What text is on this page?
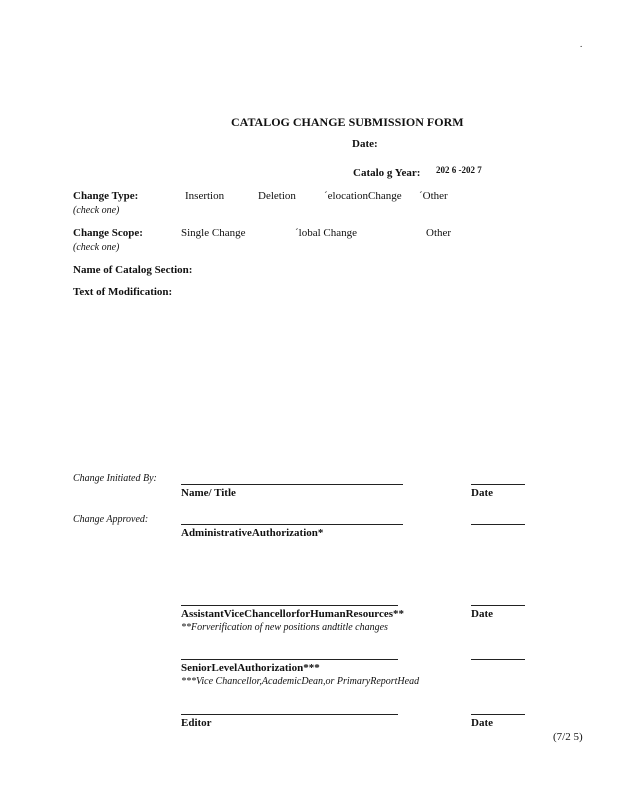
.
CATALOG CHANGE SUBMISSION FORM
Date:
Catalo g Year: 202 6 -202 7
Change Type:
(check one)
Insertion	Deletion	´elocationChange ´Other
Change Scope:
(check one)
Single Change	´lobal Change	Other
Name of Catalog Section:
Text of Modification:
Change Initiated By:
Name/ Title	Date
Change Approved:
AdministrativeAuthorization*
AssistantViceChancellorforHumanResources**	Date
**Forverification of new positions andtitle changes
SeniorLevelAuthorization***
***Vice Chancellor,AcademicDean,or PrimaryReportHead
Editor	Date
(7/2 5)
